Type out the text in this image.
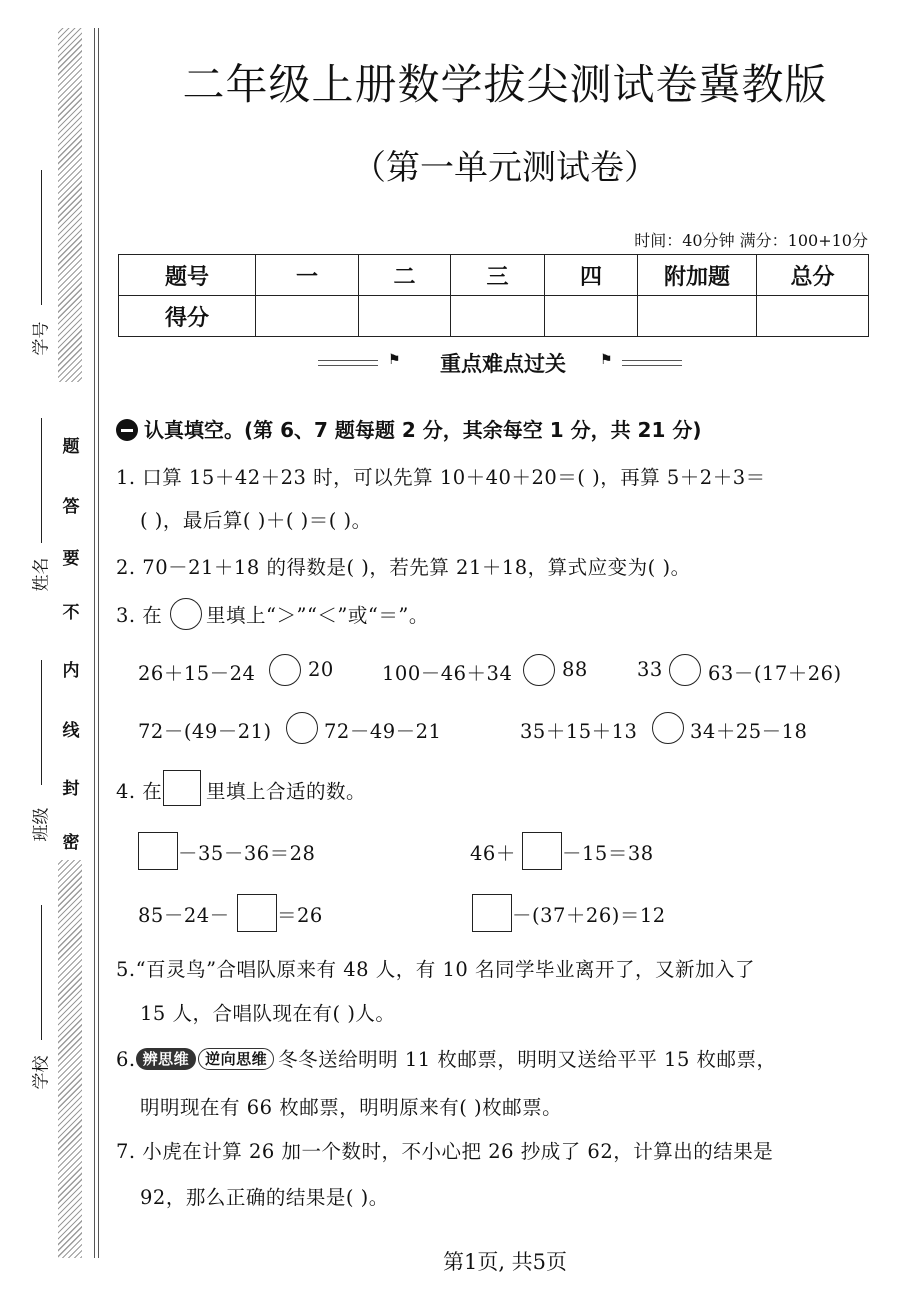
学号
姓名
班级
学校
题
答
要
不
内
线
封
密
二年级上册数学拔尖测试卷冀教版
（第一单元测试卷）
时间：40分钟 满分：100+10分
题号	一	二	三	四	附加题	总分
得分						
⚑	重点难点过关	⚑
认真填空。(第 6、7 题每题 2 分，其余每空 1 分，共 21 分)
1. 口算 15＋42＋23 时，可以先算 10＋40＋20＝( )，再算 5＋2＋3＝
( )，最后算( )＋( )＝( )。
2. 70－21＋18 的得数是( )，若先算 21＋18，算式应变为( )。
3. 在 里填上“＞”“＜”或“＝”。
26＋15－24	20 100－46＋34	88	33 63－(17＋26)
72－(49－21)	72－49－21	35＋15＋13	34＋25－18
4. 在 里填上合适的数。
－35－36＝28	46＋ －15＝38
85－24－ ＝26	－(37＋26)＝12
5.“百灵鸟”合唱队原来有 48 人，有 10 名同学毕业离开了，又新加入了
15 人，合唱队现在有( )人。
6. 辨思维 逆向思维 冬冬送给明明 11 枚邮票，明明又送给平平 15 枚邮票，
明明现在有 66 枚邮票，明明原来有( )枚邮票。
7. 小虎在计算 26 加一个数时，不小心把 26 抄成了 62，计算出的结果是
92，那么正确的结果是( )。
第1页, 共5页
